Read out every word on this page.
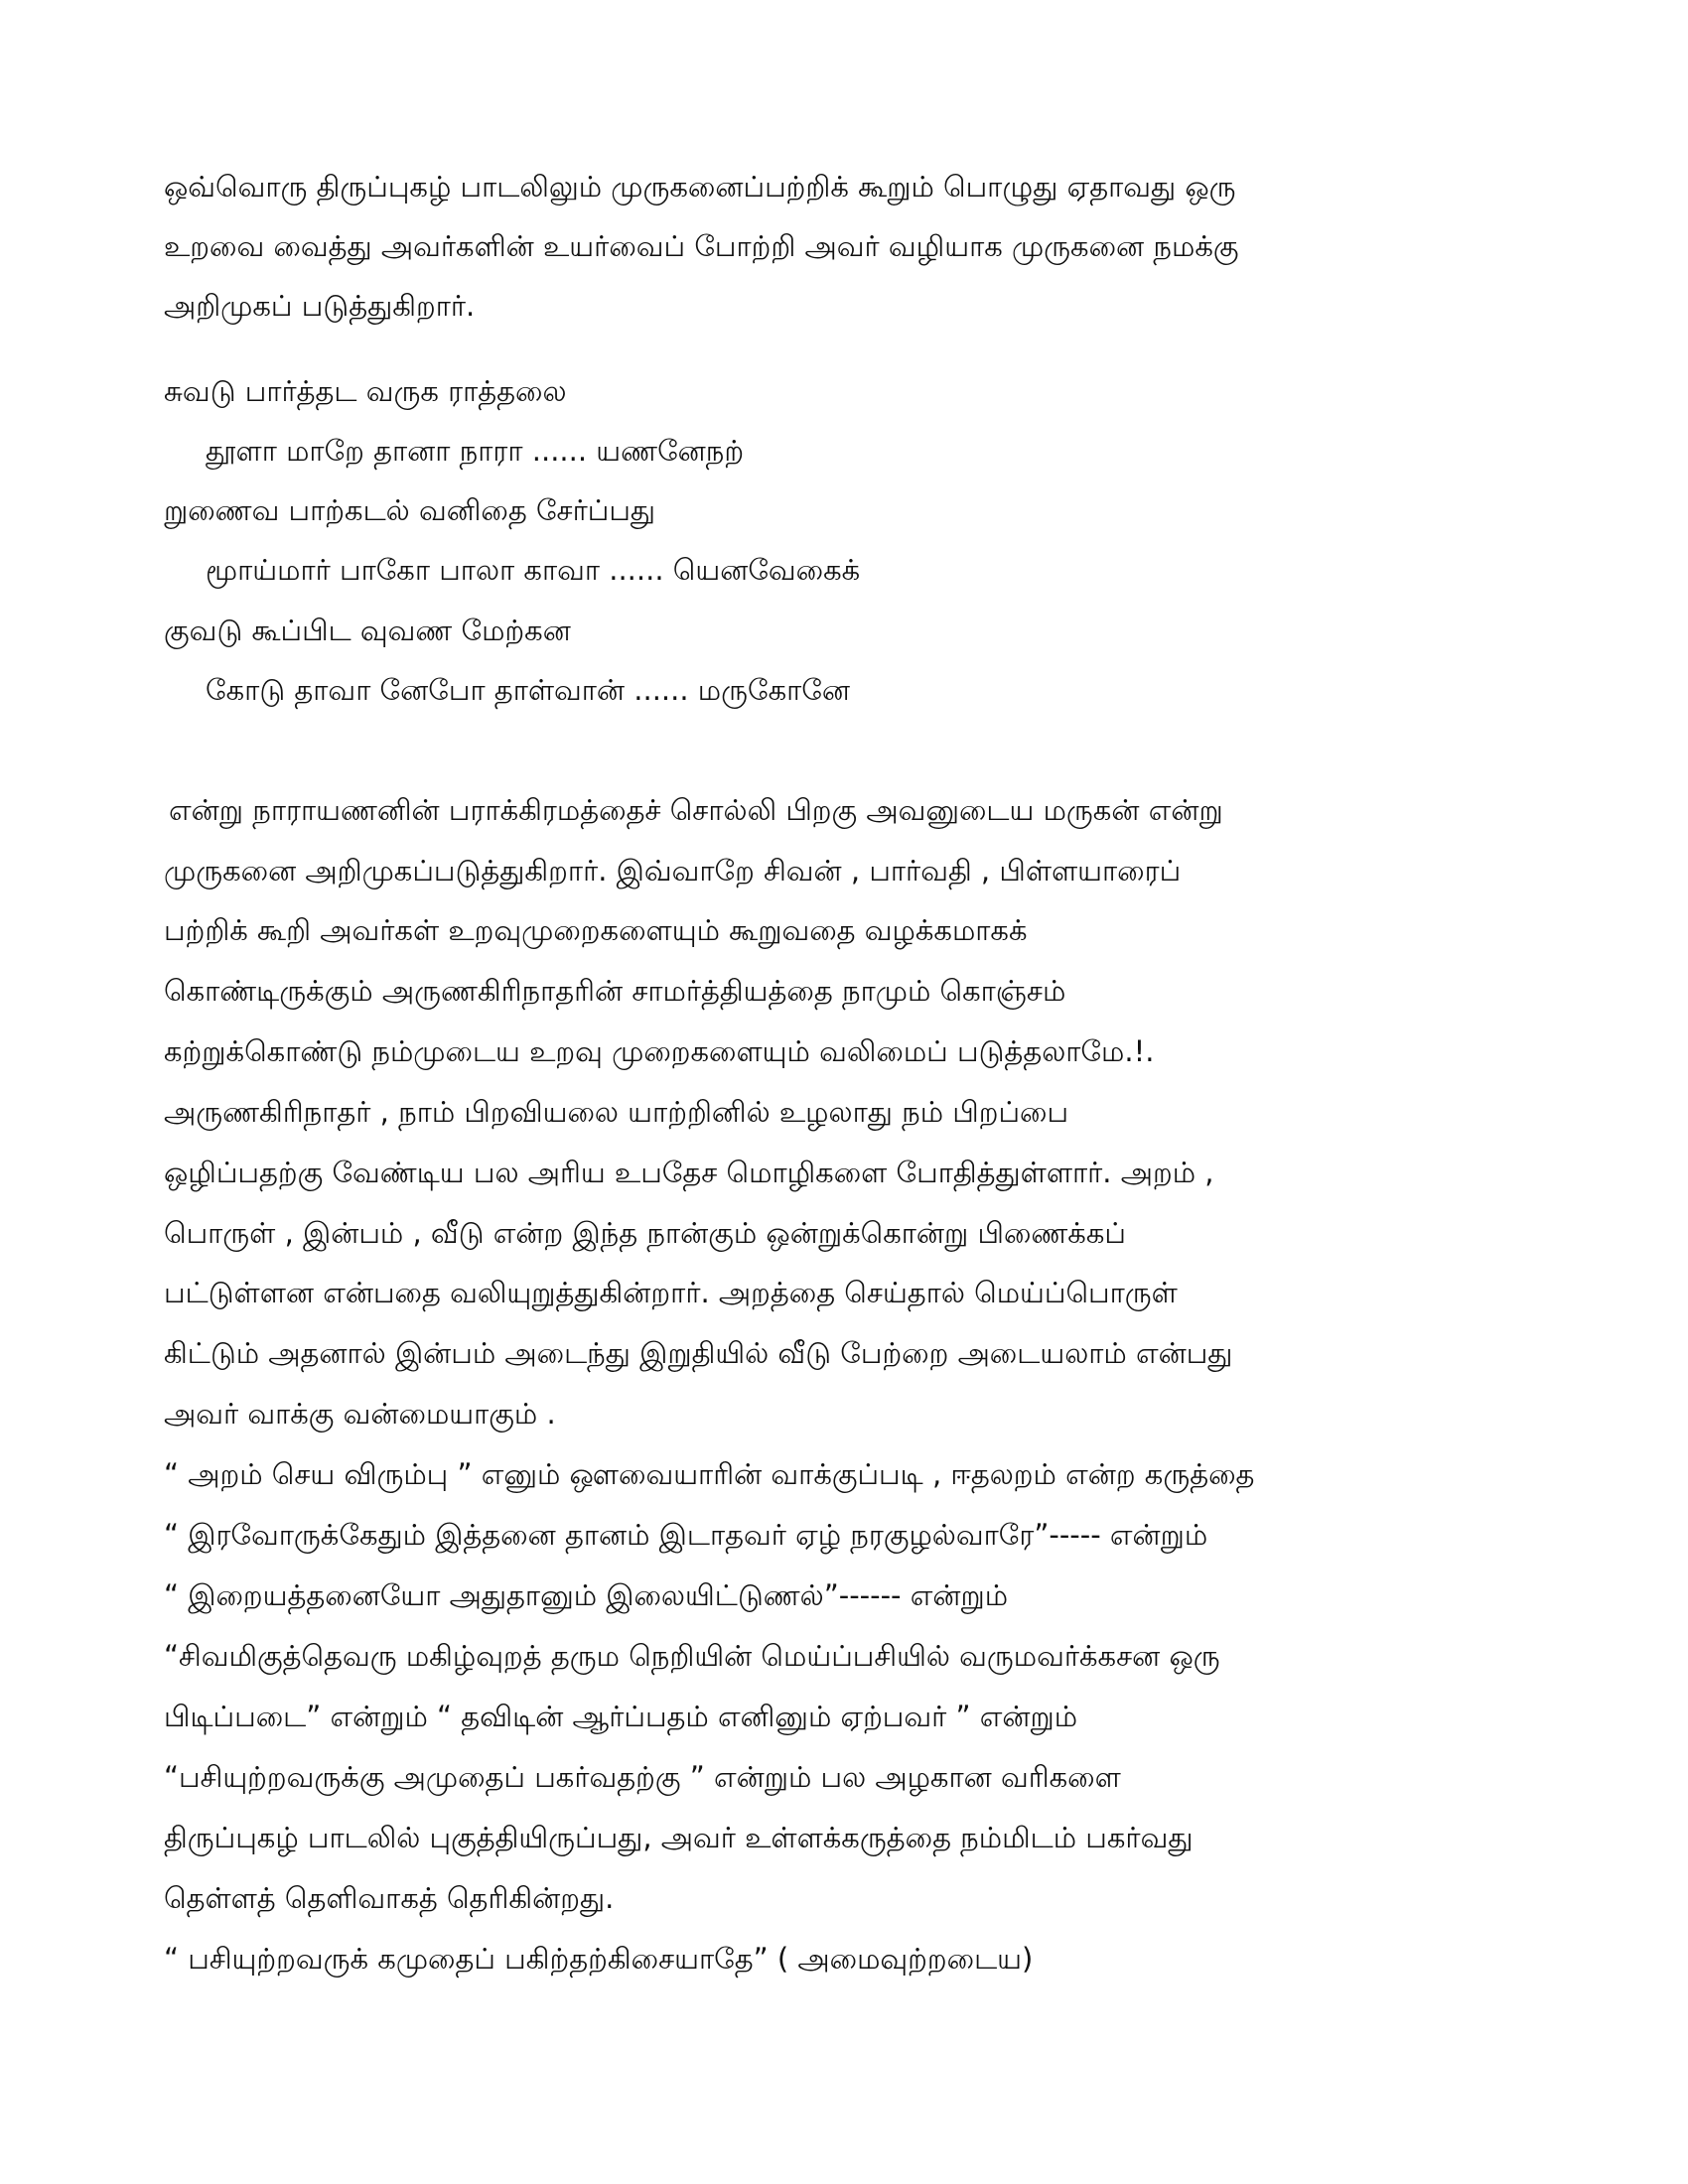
ஒவ்வொரு திருப்புகழ் பாடலிலும் முருகனைப்பற்றிக் கூறும் பொழுது ஏதாவது ஒரு

உறவை வைத்து அவர்களின் உயர்வைப் போற்றி அவர் வழியாக முருகனை நமக்கு

அறிமுகப் படுத்துகிறார்.

சுவடு பார்த்தட வருக ராத்தலை

தூளா மாறே தானா நாரா ...... யணனேநற்

றுணைவ பாற்கடல் வனிதை சேர்ப்பது

மூாய்மார் பாகோ பாலா காவா ...... யெனவேகைக்

குவடு கூப்பிட வுவண மேற்கன

கோடு தாவா னேபோ தாள்வான் ...... மருகோனே

என்று நாராயணனின் பராக்கிரமத்தைச் சொல்லி பிறகு அவனுடைய மருகன் என்று

முருகனை அறிமுகப்படுத்துகிறார். இவ்வாறே சிவன் , பார்வதி , பிள்ளயாரைப்

பற்றிக் கூறி அவர்கள் உறவுமுறைகளையும் கூறுவதை வழக்கமாகக்

கொண்டிருக்கும் அருணகிரிநாதரின் சாமர்த்தியத்தை நாமும் கொஞ்சம்

கற்றுக்கொண்டு நம்முடைய உறவு முறைகளையும் வலிமைப் படுத்தலாமே.!.

அருணகிரிநாதர் , நாம் பிறவியலை யாற்றினில் உழலாது நம் பிறப்பை

ஒழிப்பதற்கு வேண்டிய பல அரிய உபதேச மொழிகளை போதித்துள்ளார். அறம் ,

பொருள் , இன்பம் , வீடு என்ற இந்த நான்கும் ஒன்றுக்கொன்று பிணைக்கப்

பட்டுள்ளன என்பதை வலியுறுத்துகின்றார். அறத்தை செய்தால் மெய்ப்பொருள்

கிட்டும் அதனால் இன்பம் அடைந்து இறுதியில் வீடு பேற்றை அடையலாம் என்பது

அவர் வாக்கு வன்மையாகும் .

“ அறம் செய விரும்பு ” எனும் ஔவையாரின் வாக்குப்படி , ஈதலறம் என்ற கருத்தை

“ இரவோருக்கேதும் இத்தனை தானம் இடாதவர் ஏழ் நரகுழல்வாரே”----- என்றும்

“ இறையத்தனையோ அதுதானும் இலையிட்டுணல்”------ என்றும்

“சிவமிகுத்தெவரு மகிழ்வுறத் தரும நெறியின் மெய்ப்பசியில் வருமவர்க்கசன ஒரு

பிடிப்படை” என்றும் “ தவிடின் ஆர்ப்பதம் எனினும் ஏற்பவர் ” என்றும்

“பசியுற்றவருக்கு அமுதைப் பகர்வதற்கு ” என்றும் பல அழகான வரிகளை

திருப்புகழ் பாடலில் புகுத்தியிருப்பது, அவர் உள்ளக்கருத்தை நம்மிடம் பகர்வது

தெள்ளத் தெளிவாகத் தெரிகின்றது.

“ பசியுற்றவருக் கமுதைப் பகிற்தற்கிசையாதே” ( அமைவுற்றடைய)
